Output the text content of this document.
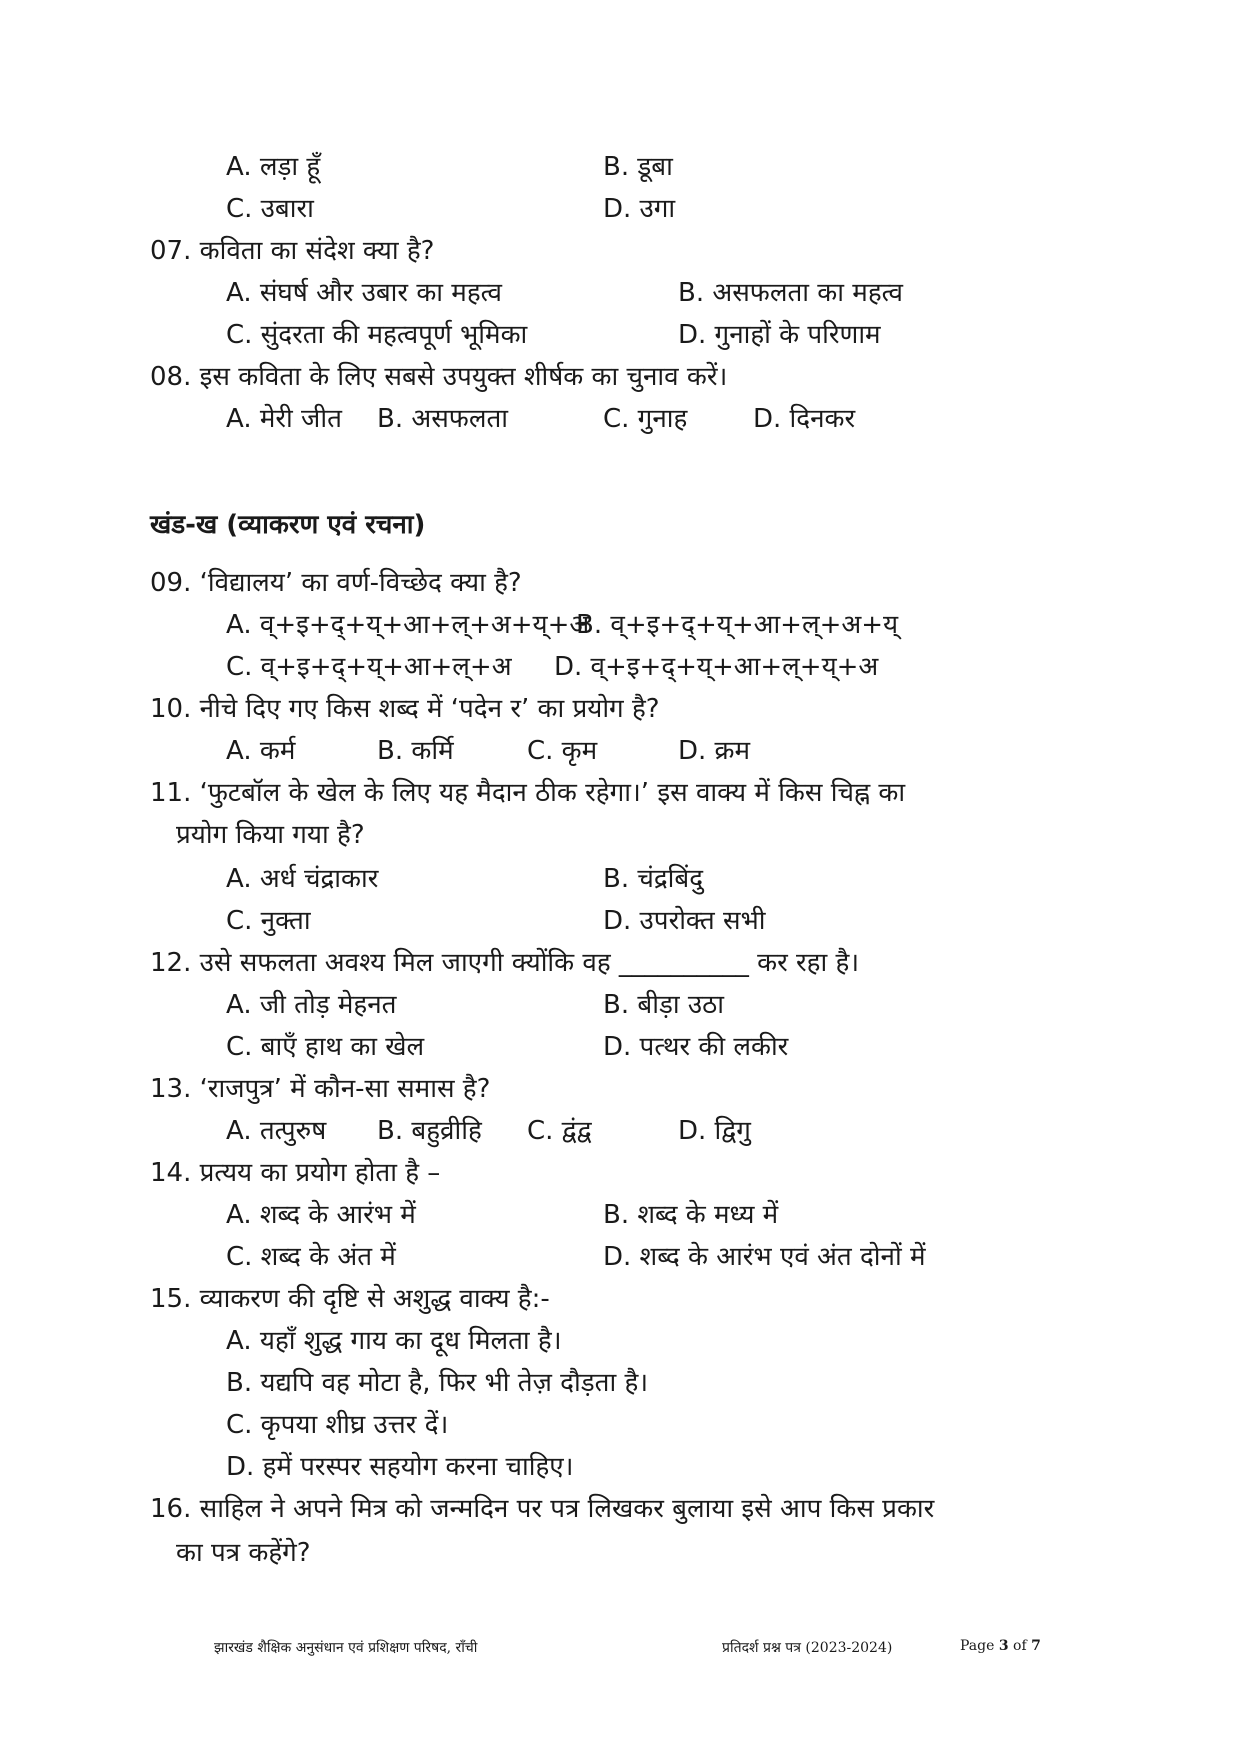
A. लड़ा हूँ	B. डूबा
C. उबारा	D. उगा
07. कविता का संदेश क्या है?
A. संघर्ष और उबार का महत्व	B. असफलता का महत्व
C. सुंदरता की महत्वपूर्ण भूमिका	D. गुनाहों के परिणाम
08. इस कविता के लिए सबसे उपयुक्त शीर्षक का चुनाव करें।
A. मेरी जीत B. असफलता	C. गुनाह	D. दिनकर
खंड-ख (व्याकरण एवं रचना)
09. ‘विद्यालय’ का वर्ण-विच्छेद क्या है?
A. व्+इ+द्+य्+आ+ल्+अ+य्+अ
B. व्+इ+द्+य्+आ+ल्+अ+य्
C. व्+इ+द्+य्+आ+ल्+अ D. व्+इ+द्+य्+आ+ल्+य्+अ
10. नीचे दिए गए किस शब्द में ‘पदेन र’ का प्रयोग है?
A. कर्म	B. कर्मि	C. कृम	D. क्रम
11. ‘फुटबॉल के खेल के लिए यह मैदान ठीक रहेगा।’ इस वाक्य में किस चिह्न का
प्रयोग किया गया है?
A. अर्ध चंद्राकार	B. चंद्रबिंदु
C. नुक्ता	D. उपरोक्त सभी
12. उसे सफलता अवश्य मिल जाएगी क्योंकि वह __________ कर रहा है।
A. जी तोड़ मेहनत	B. बीड़ा उठा
C. बाएँ हाथ का खेल	D. पत्थर की लकीर
13. ‘राजपुत्र’ में कौन-सा समास है?
A. तत्पुरुष B. बहुव्रीहि C. द्वंद्व	D. द्विगु
14. प्रत्यय का प्रयोग होता है –
A. शब्द के आरंभ में	B. शब्द के मध्य में
C. शब्द के अंत में	D. शब्द के आरंभ एवं अंत दोनों में
15. व्याकरण की दृष्टि से अशुद्ध वाक्य है:-
A. यहाँ शुद्ध गाय का दूध मिलता है।
B. यद्यपि वह मोटा है, फिर भी तेज़ दौड़ता है।
C. कृपया शीघ्र उत्तर दें।
D. हमें परस्पर सहयोग करना चाहिए।
16. साहिल ने अपने मित्र को जन्मदिन पर पत्र लिखकर बुलाया इसे आप किस प्रकार
का पत्र कहेंगे?
झारखंड शैक्षिक अनुसंधान एवं प्रशिक्षण परिषद, राँची	प्रतिदर्श प्रश्न पत्र (2023-2024)	Page 3 of 7
